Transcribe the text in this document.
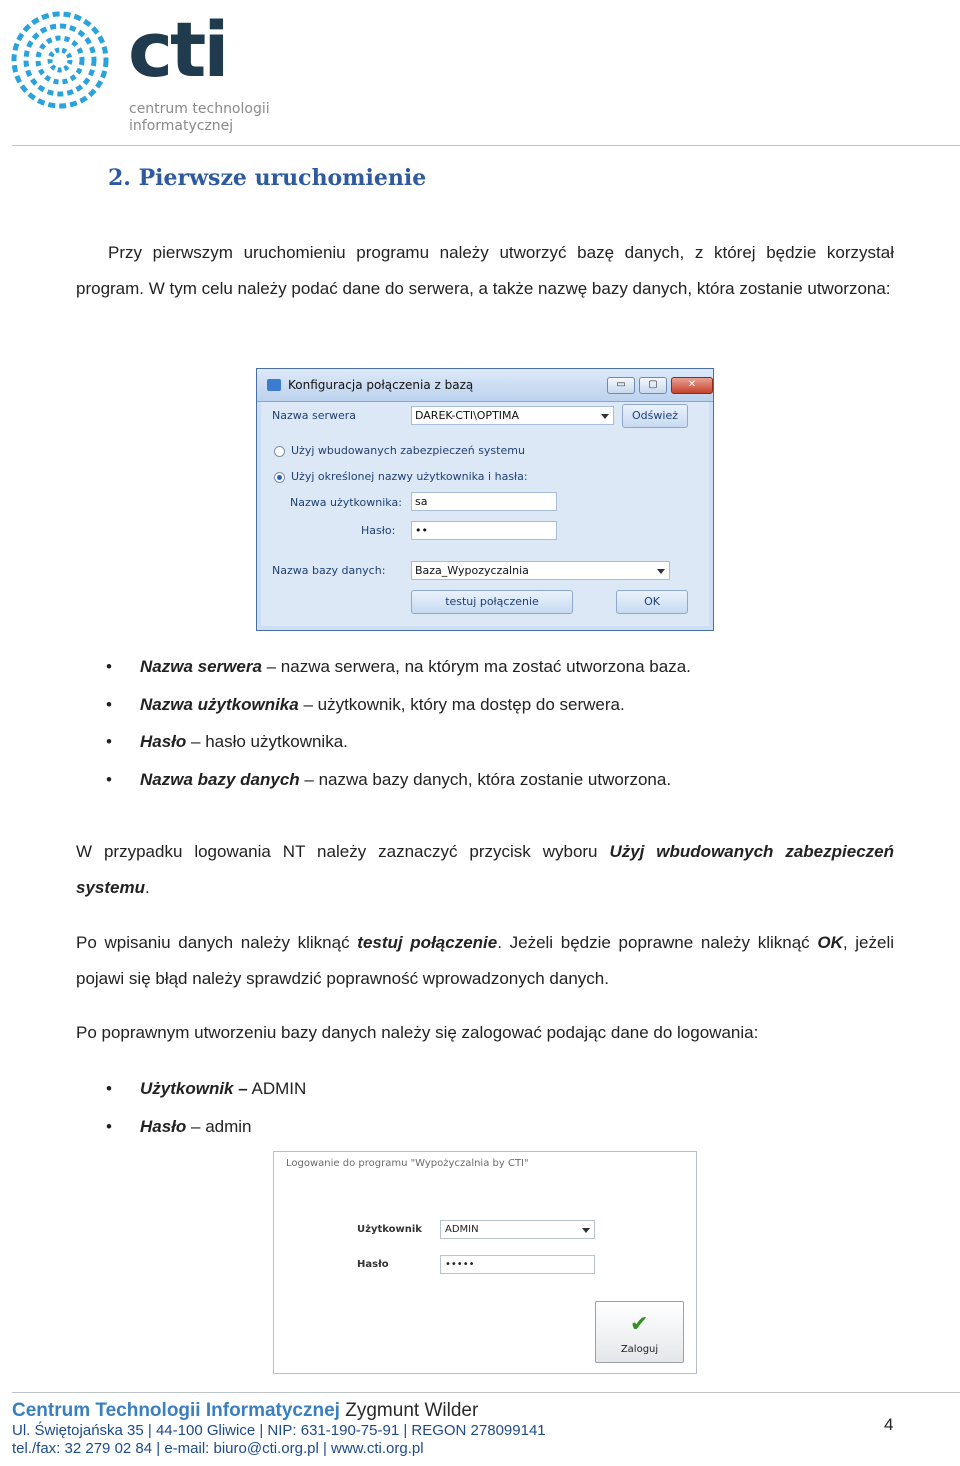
cti
centrum technologii
informatycznej
2. Pierwsze uruchomienie
Przy pierwszym uruchomieniu programu należy utworzyć bazę danych, z której będzie korzystał program. W tym celu należy podać dane do serwera, a także nazwę bazy danych, która zostanie utworzona:
Konfiguracja połączenia z bazą	▭	▢	✕
Nazwa serwera	DAREK-CTI\OPTIMA	Odśwież
Użyj wbudowanych zabezpieczeń systemu
Użyj określonej nazwy użytkownika i hasła:
Nazwa użytkownika:	sa
Hasło:	••
Nazwa bazy danych:	Baza_Wypozyczalnia
testuj połączenie	OK
• Nazwa serwera – nazwa serwera, na którym ma zostać utworzona baza.
• Nazwa użytkownika – użytkownik, który ma dostęp do serwera.
• Hasło – hasło użytkownika.
• Nazwa bazy danych – nazwa bazy danych, która zostanie utworzona.
W przypadku logowania NT należy zaznaczyć przycisk wyboru Użyj wbudowanych zabezpieczeń systemu.
Po wpisaniu danych należy kliknąć testuj połączenie. Jeżeli będzie poprawne należy kliknąć OK, jeżeli pojawi się błąd należy sprawdzić poprawność wprowadzonych danych.
Po poprawnym utworzeniu bazy danych należy się zalogować podając dane do logowania:
• Użytkownik – ADMIN
• Hasło – admin
Logowanie do programu "Wypożyczalnia by CTI"
Użytkownik	ADMIN
Hasło	•••••
✔
Zaloguj
Centrum Technologii Informatycznej Zygmunt Wilder
Ul. Świętojańska 35 | 44-100 Gliwice | NIP: 631-190-75-91 | REGON 278099141
tel./fax: 32 279 02 84 | e-mail: biuro@cti.org.pl | www.cti.org.pl
4
